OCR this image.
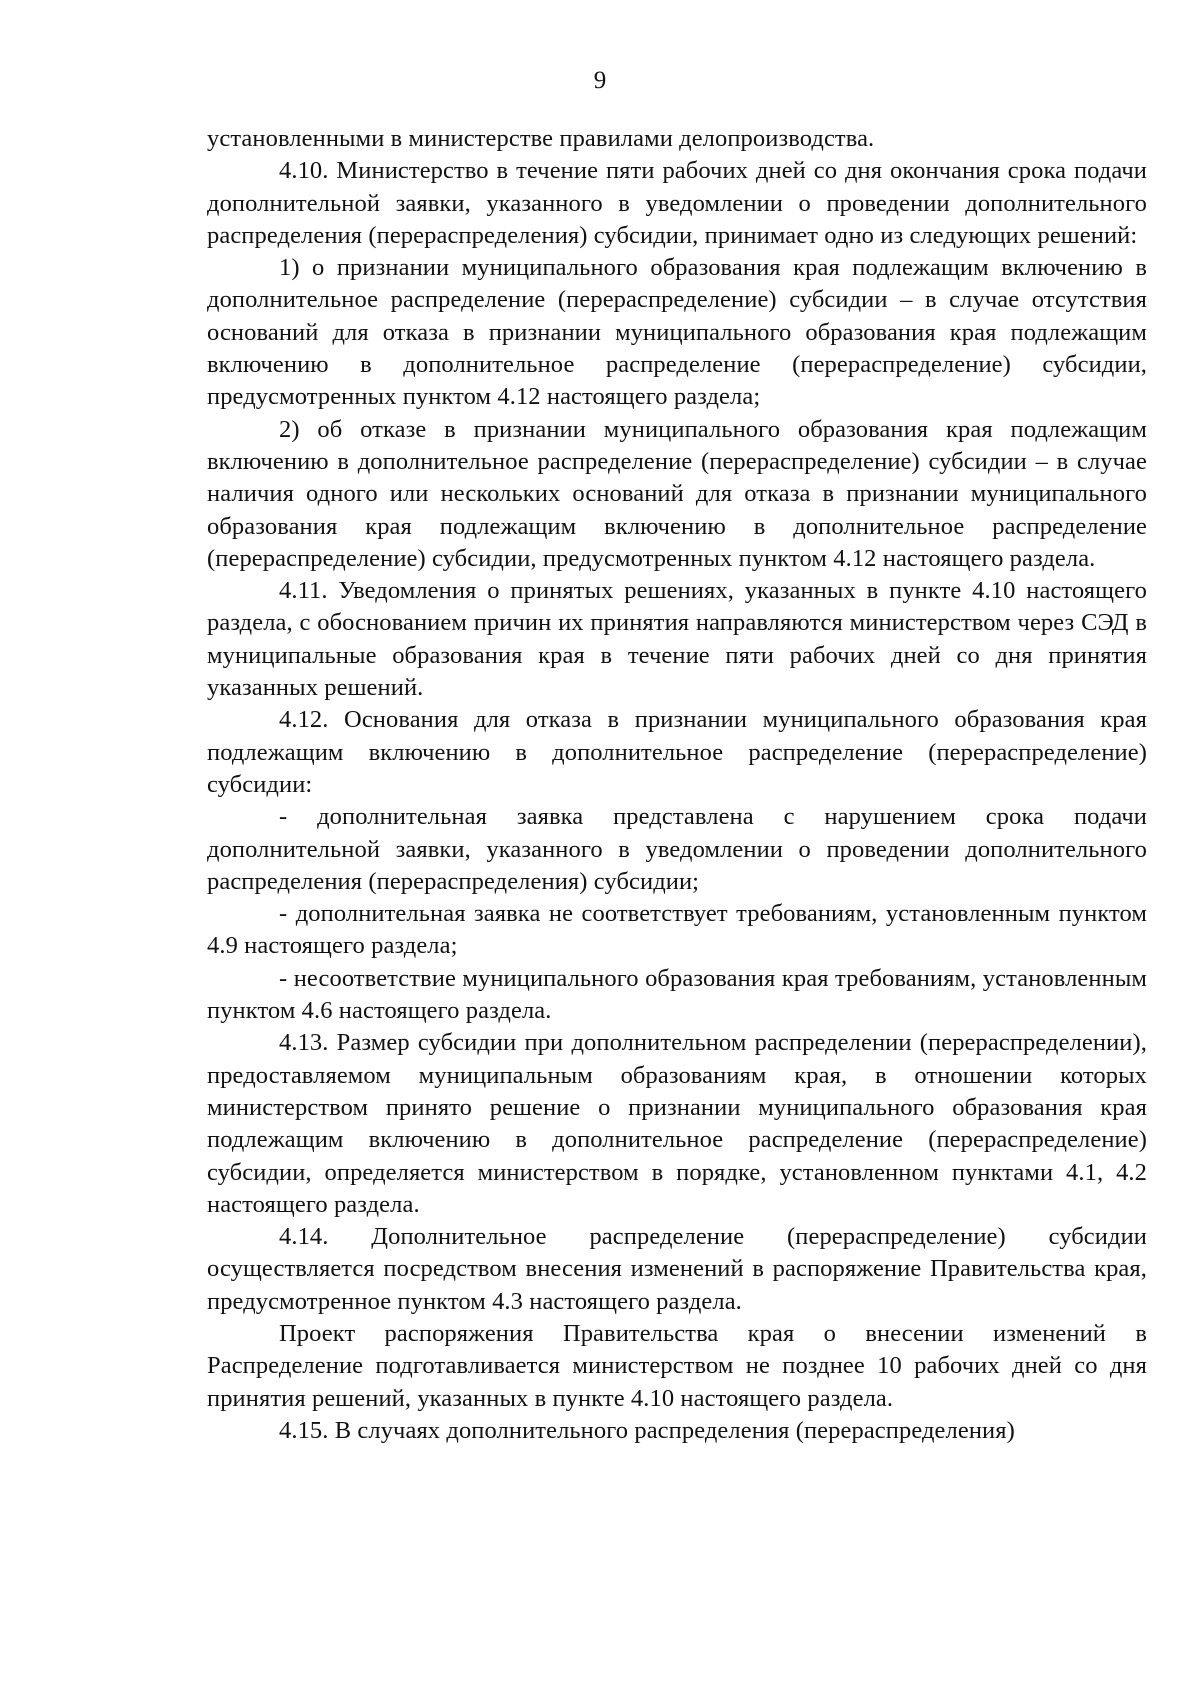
9

установленными в министерстве правилами делопроизводства.

4.10. Министерство в течение пяти рабочих дней со дня окончания срока подачи дополнительной заявки, указанного в уведомлении о проведении дополнительного распределения (перераспределения) субсидии, принимает одно из следующих решений:

1) о признании муниципального образования края подлежащим включению в дополнительное распределение (перераспределение) субсидии – в случае отсутствия оснований для отказа в признании муниципального образования края подлежащим включению в дополнительное распределение (перераспределение) субсидии, предусмотренных пунктом 4.12 настоящего раздела;

2) об отказе в признании муниципального образования края подлежащим включению в дополнительное распределение (перераспределение) субсидии – в случае наличия одного или нескольких оснований для отказа в признании муниципального образования края подлежащим включению в дополнительное распределение (перераспределение) субсидии, предусмотренных пунктом 4.12 настоящего раздела.

4.11. Уведомления о принятых решениях, указанных в пункте 4.10 настоящего раздела, с обоснованием причин их принятия направляются министерством через СЭД в муниципальные образования края в течение пяти рабочих дней со дня принятия указанных решений.

4.12. Основания для отказа в признании муниципального образования края подлежащим включению в дополнительное распределение (перераспределение) субсидии:

- дополнительная заявка представлена с нарушением срока подачи дополнительной заявки, указанного в уведомлении о проведении дополнительного распределения (перераспределения) субсидии;

- дополнительная заявка не соответствует требованиям, установленным пунктом 4.9 настоящего раздела;

- несоответствие муниципального образования края требованиям, установленным пунктом 4.6 настоящего раздела.

4.13. Размер субсидии при дополнительном распределении (перераспределении), предоставляемом муниципальным образованиям края, в отношении которых министерством принято решение о признании муниципального образования края подлежащим включению в дополнительное распределение (перераспределение) субсидии, определяется министерством в порядке, установленном пунктами 4.1, 4.2 настоящего раздела.

4.14. Дополнительное распределение (перераспределение) субсидии осуществляется посредством внесения изменений в распоряжение Правительства края, предусмотренное пунктом 4.3 настоящего раздела.

Проект распоряжения Правительства края о внесении изменений в Распределение подготавливается министерством не позднее 10 рабочих дней со дня принятия решений, указанных в пункте 4.10 настоящего раздела.

4.15. В случаях дополнительного распределения (перераспределения)
